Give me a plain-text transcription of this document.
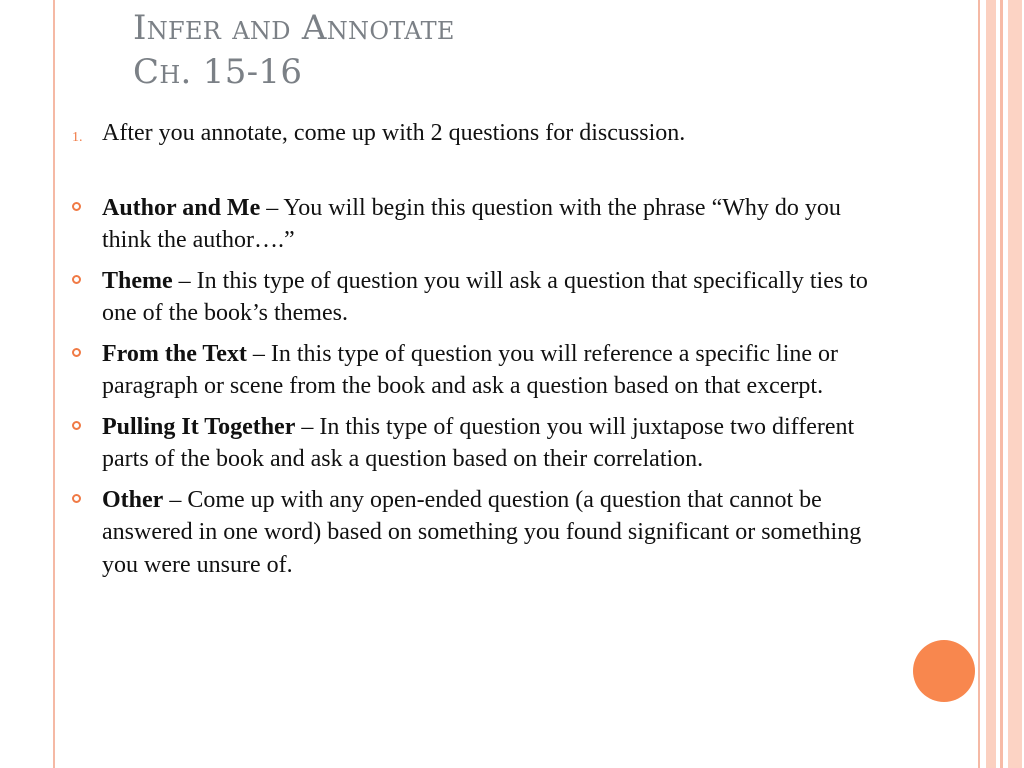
Infer and Annotate
Ch. 15-16
1. After you annotate, come up with 2 questions for discussion.
Author and Me – You will begin this question with the phrase “Why do you think the author….”
Theme – In this type of question you will ask a question that specifically ties to one of the book’s themes.
From the Text – In this type of question you will reference a specific line or paragraph or scene from the book and ask a question based on that excerpt.
Pulling It Together – In this type of question you will juxtapose two different parts of the book and ask a question based on their correlation.
Other – Come up with any open-ended question (a question that cannot be answered in one word) based on something you found significant or something you were unsure of.
